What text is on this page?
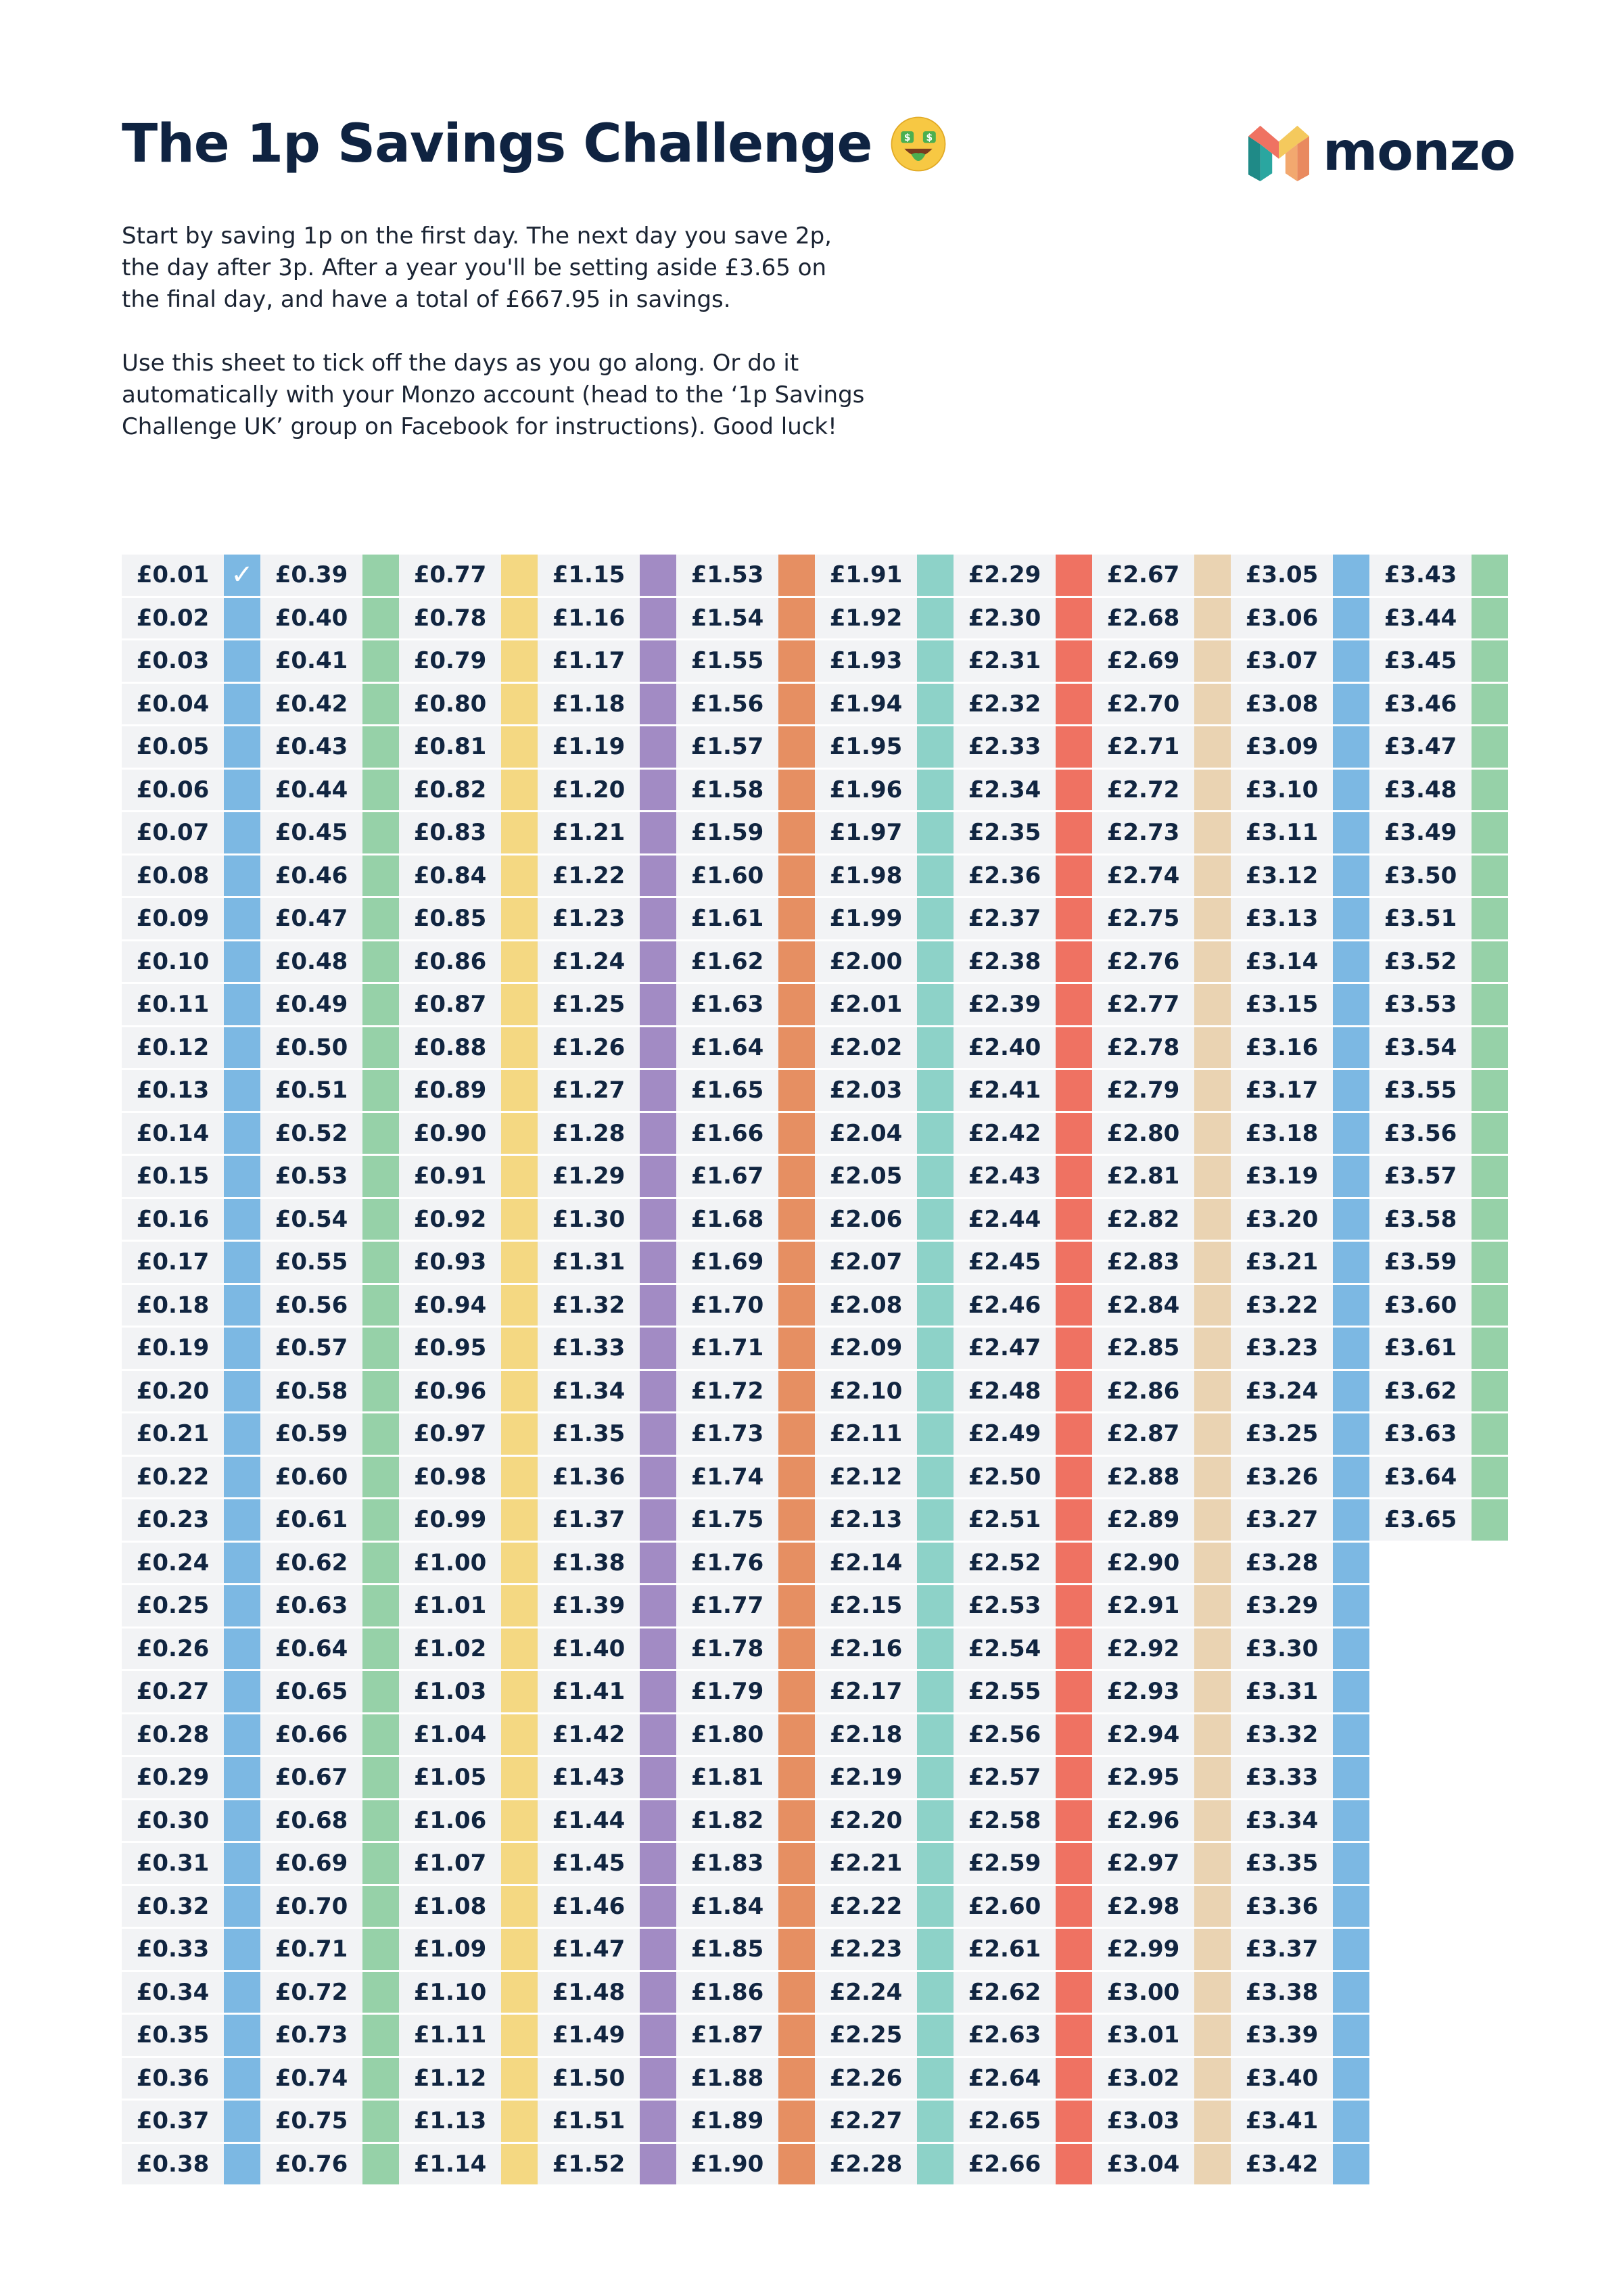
The 1p Savings Challenge	$ $	monzo

Start by saving 1p on the first day. The next day you save 2p,
the day after 3p. After a year you'll be setting aside £3.65 on
the final day, and have a total of £667.95 in savings.

Use this sheet to tick off the days as you go along. Or do it
automatically with your Monzo account (head to the ‘1p Savings
Challenge UK’ group on Facebook for instructions). Good luck!

£0.01 ✓
£0.02
£0.03
£0.04
£0.05
£0.06
£0.07
£0.08
£0.09
£0.10
£0.11
£0.12
£0.13
£0.14
£0.15
£0.16
£0.17
£0.18
£0.19
£0.20
£0.21
£0.22
£0.23
£0.24
£0.25
£0.26
£0.27
£0.28
£0.29
£0.30
£0.31
£0.32
£0.33
£0.34
£0.35
£0.36
£0.37
£0.38
£0.39
£0.40
£0.41
£0.42
£0.43
£0.44
£0.45
£0.46
£0.47
£0.48
£0.49
£0.50
£0.51
£0.52
£0.53
£0.54
£0.55
£0.56
£0.57
£0.58
£0.59
£0.60
£0.61
£0.62
£0.63
£0.64
£0.65
£0.66
£0.67
£0.68
£0.69
£0.70
£0.71
£0.72
£0.73
£0.74
£0.75
£0.76
£0.77
£0.78
£0.79
£0.80
£0.81
£0.82
£0.83
£0.84
£0.85
£0.86
£0.87
£0.88
£0.89
£0.90
£0.91
£0.92
£0.93
£0.94
£0.95
£0.96
£0.97
£0.98
£0.99
£1.00
£1.01
£1.02
£1.03
£1.04
£1.05
£1.06
£1.07
£1.08
£1.09
£1.10
£1.11
£1.12
£1.13
£1.14
£1.15
£1.16
£1.17
£1.18
£1.19
£1.20
£1.21
£1.22
£1.23
£1.24
£1.25
£1.26
£1.27
£1.28
£1.29
£1.30
£1.31
£1.32
£1.33
£1.34
£1.35
£1.36
£1.37
£1.38
£1.39
£1.40
£1.41
£1.42
£1.43
£1.44
£1.45
£1.46
£1.47
£1.48
£1.49
£1.50
£1.51
£1.52
£1.53
£1.54
£1.55
£1.56
£1.57
£1.58
£1.59
£1.60
£1.61
£1.62
£1.63
£1.64
£1.65
£1.66
£1.67
£1.68
£1.69
£1.70
£1.71
£1.72
£1.73
£1.74
£1.75
£1.76
£1.77
£1.78
£1.79
£1.80
£1.81
£1.82
£1.83
£1.84
£1.85
£1.86
£1.87
£1.88
£1.89
£1.90
£1.91
£1.92
£1.93
£1.94
£1.95
£1.96
£1.97
£1.98
£1.99
£2.00
£2.01
£2.02
£2.03
£2.04
£2.05
£2.06
£2.07
£2.08
£2.09
£2.10
£2.11
£2.12
£2.13
£2.14
£2.15
£2.16
£2.17
£2.18
£2.19
£2.20
£2.21
£2.22
£2.23
£2.24
£2.25
£2.26
£2.27
£2.28
£2.29
£2.30
£2.31
£2.32
£2.33
£2.34
£2.35
£2.36
£2.37
£2.38
£2.39
£2.40
£2.41
£2.42
£2.43
£2.44
£2.45
£2.46
£2.47
£2.48
£2.49
£2.50
£2.51
£2.52
£2.53
£2.54
£2.55
£2.56
£2.57
£2.58
£2.59
£2.60
£2.61
£2.62
£2.63
£2.64
£2.65
£2.66
£2.67
£2.68
£2.69
£2.70
£2.71
£2.72
£2.73
£2.74
£2.75
£2.76
£2.77
£2.78
£2.79
£2.80
£2.81
£2.82
£2.83
£2.84
£2.85
£2.86
£2.87
£2.88
£2.89
£2.90
£2.91
£2.92
£2.93
£2.94
£2.95
£2.96
£2.97
£2.98
£2.99
£3.00
£3.01
£3.02
£3.03
£3.04
£3.05
£3.06
£3.07
£3.08
£3.09
£3.10
£3.11
£3.12
£3.13
£3.14
£3.15
£3.16
£3.17
£3.18
£3.19
£3.20
£3.21
£3.22
£3.23
£3.24
£3.25
£3.26
£3.27
£3.28
£3.29
£3.30
£3.31
£3.32
£3.33
£3.34
£3.35
£3.36
£3.37
£3.38
£3.39
£3.40
£3.41
£3.42
£3.43
£3.44
£3.45
£3.46
£3.47
£3.48
£3.49
£3.50
£3.51
£3.52
£3.53
£3.54
£3.55
£3.56
£3.57
£3.58
£3.59
£3.60
£3.61
£3.62
£3.63
£3.64
£3.65
